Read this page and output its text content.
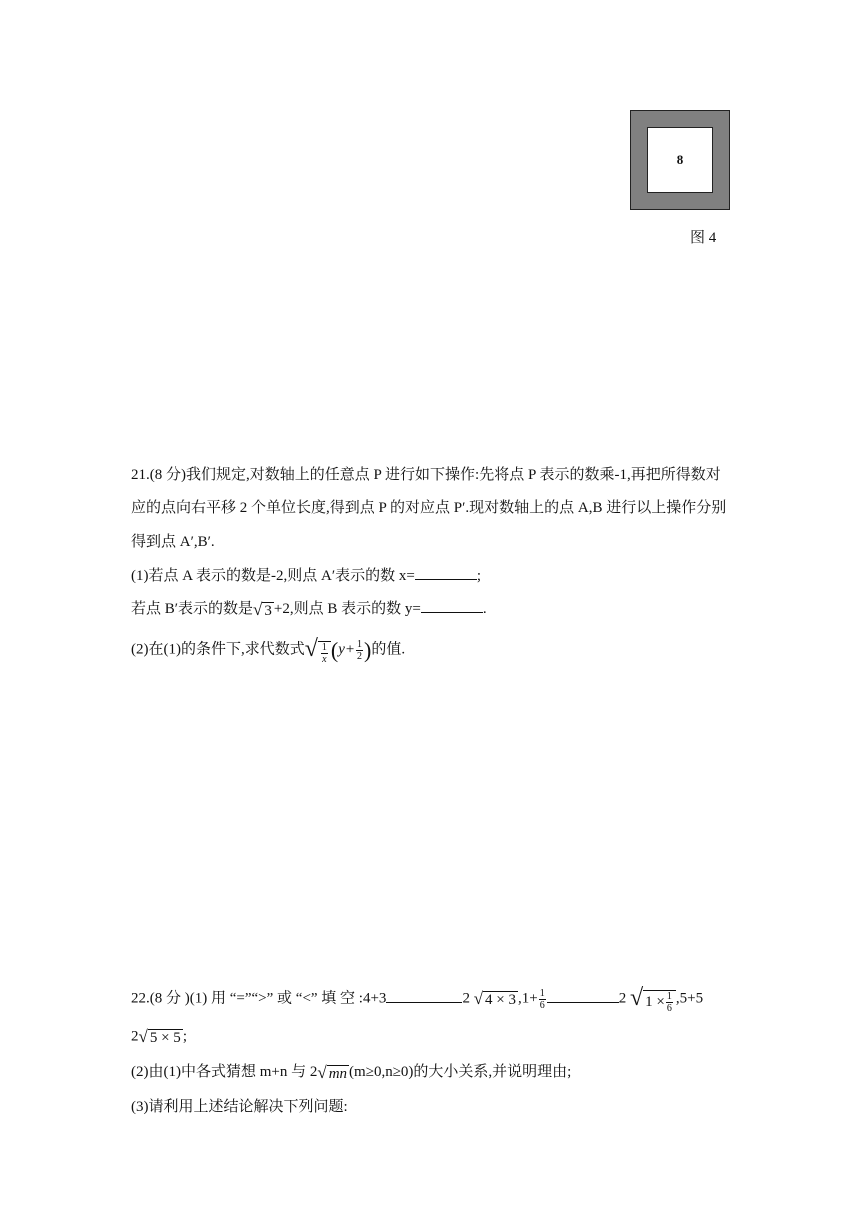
8
图 4
21.(8 分)我们规定,对数轴上的任意点 P 进行如下操作:先将点 P 表示的数乘-1,再把所得数对
应的点向右平移 2 个单位长度,得到点 P 的对应点 P′.现对数轴上的点 A,B 进行以上操作分别
得到点 A′,B′.
(1)若点 A 表示的数是-2,则点 A′表示的数 x=	;
若点 B′表示的数是√ 3 +2,则点 B 表示的数 y=	.
(2)在(1)的条件下,求代数式√ $\frac{1}{x} (y+ \frac{1}{2}$ )的值.
22.(8 分 )(1) 用 “=”“>” 或 “<” 填 空 :4+3	2 √ 4 × 3 $,1+ \frac{1}{6}$	2 √ $1 \times \frac{1}{6} ,5+5$
2√ 5 × 5 ;
(2)由(1)中各式猜想 m+n 与 2√ mn (m≥0,n≥0)的大小关系,并说明理由;
(3)请利用上述结论解决下列问题:
